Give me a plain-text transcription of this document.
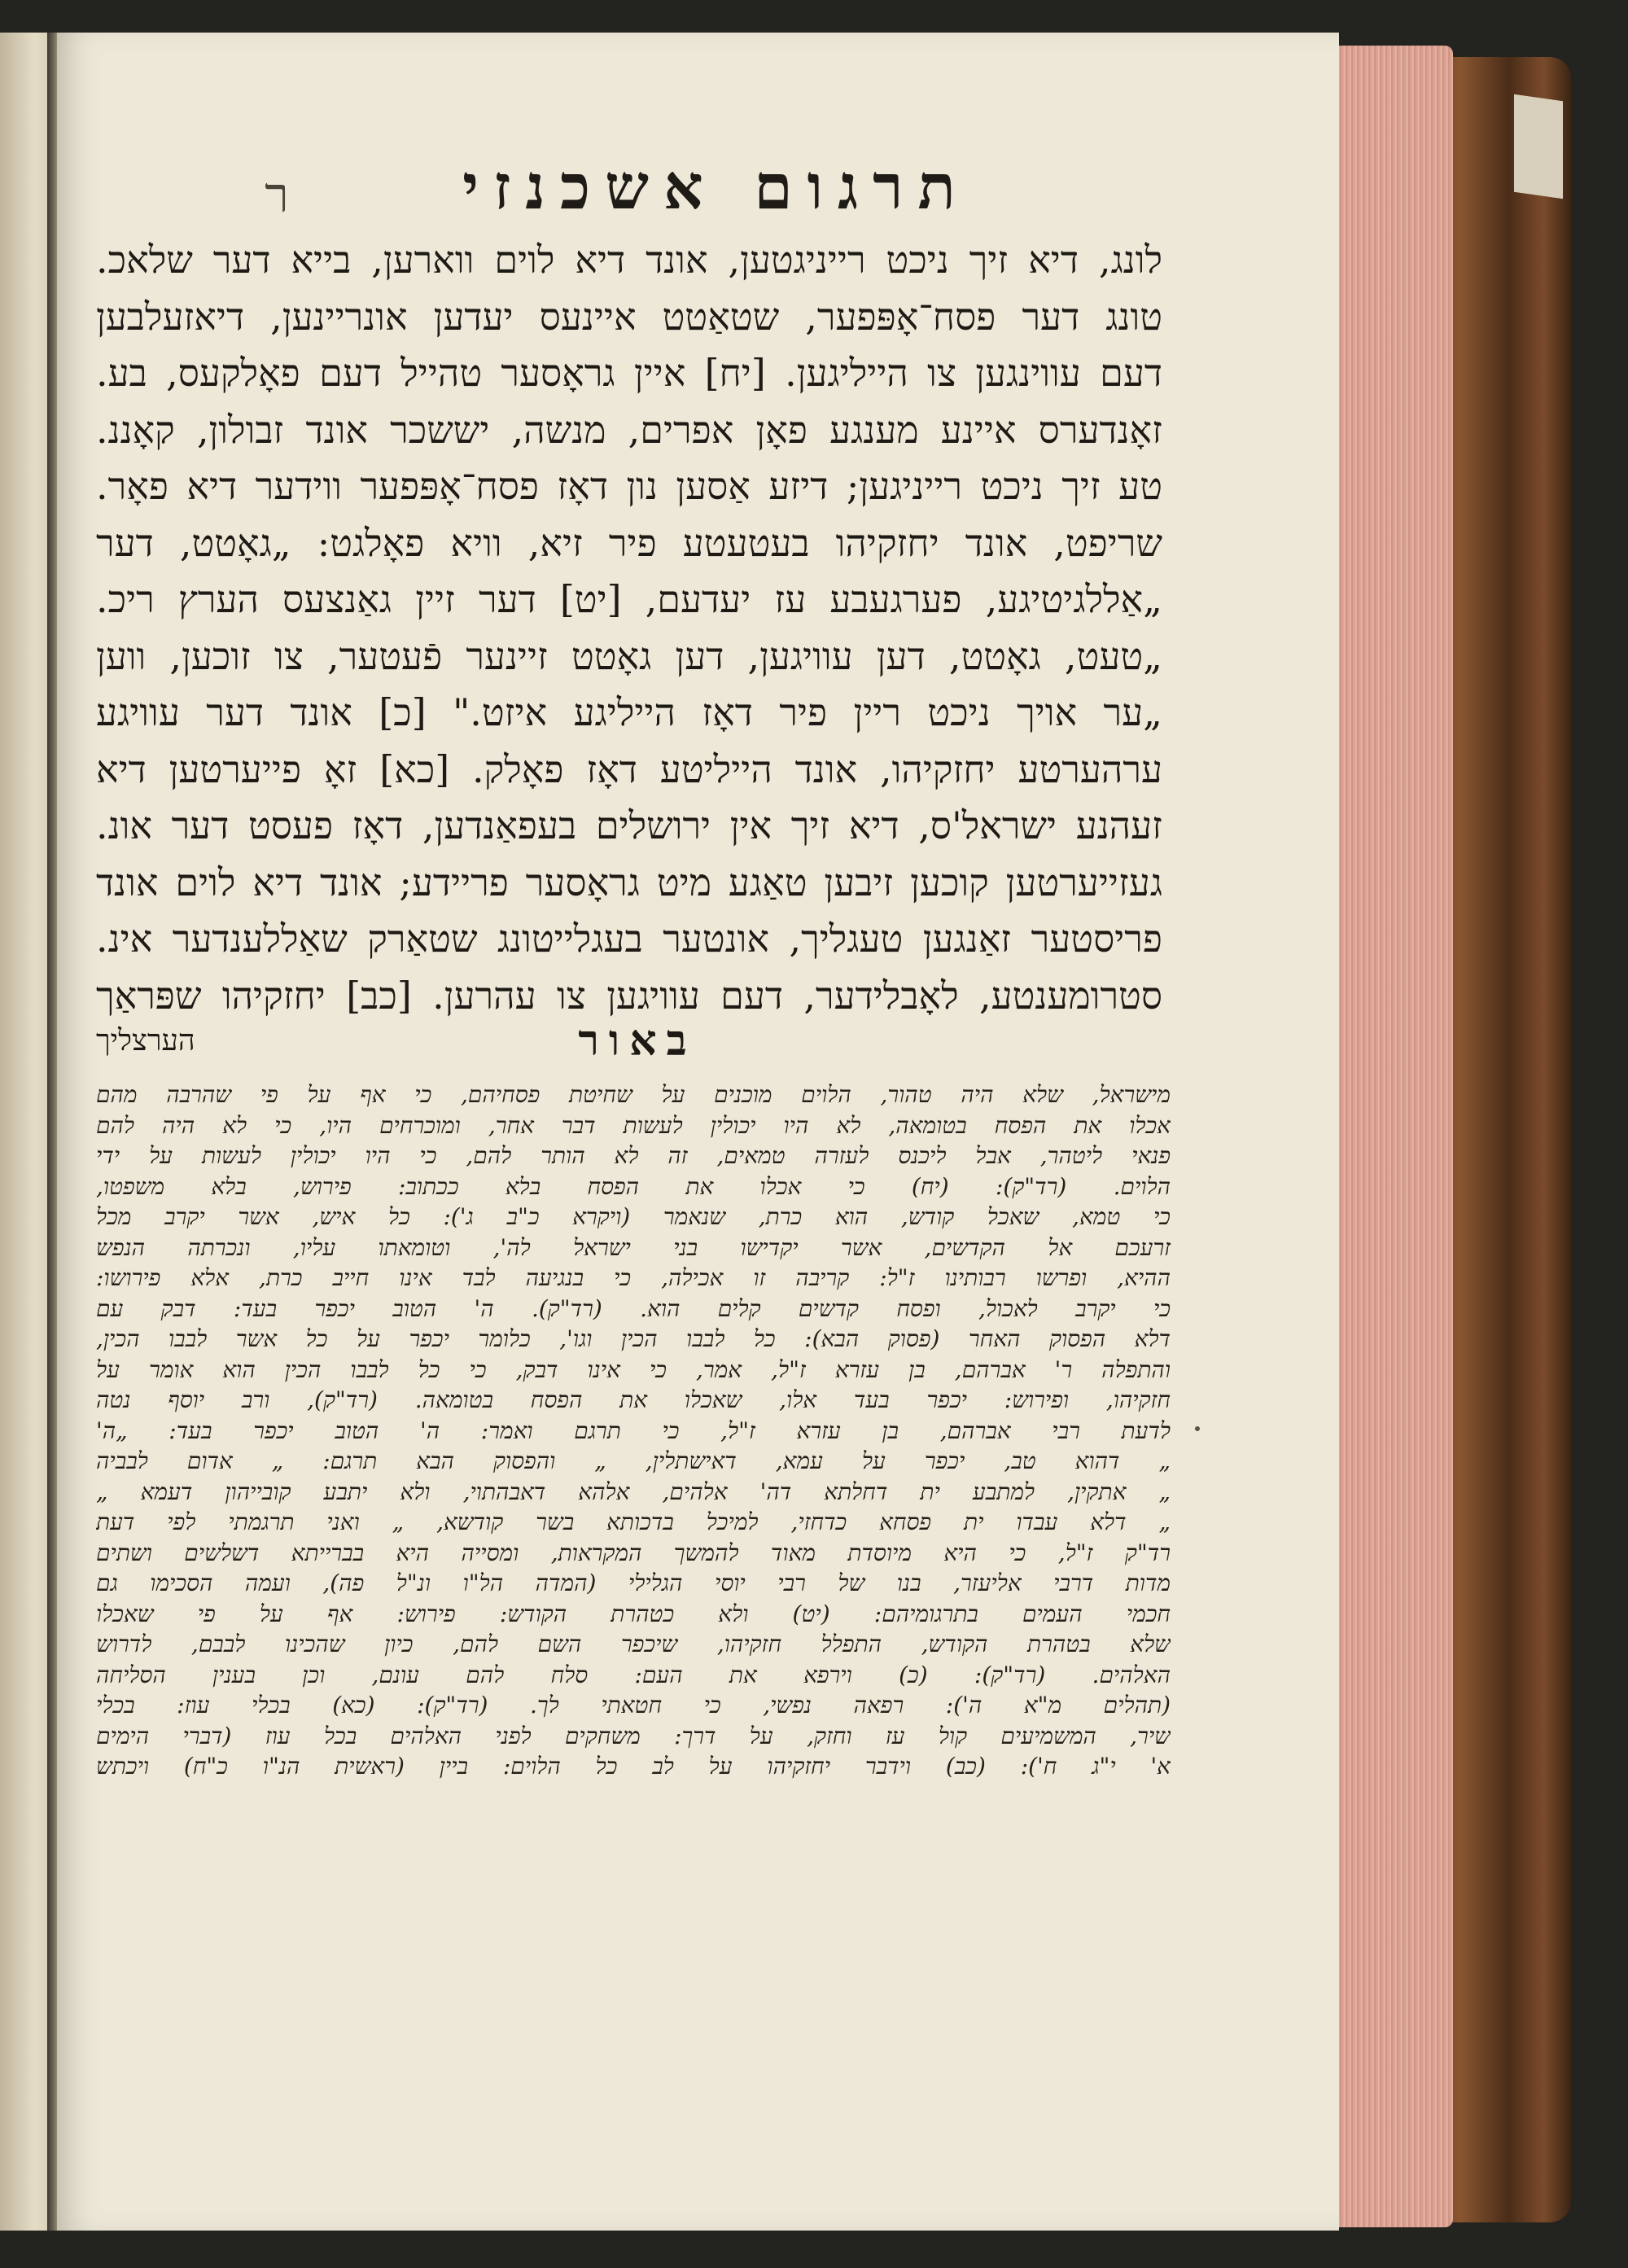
ר	תרגום אשכנזי
לונג, דיא זיך ניכט רייניגטען, אונד דיא לוים ווארען, בייא דער שלאכ.
טונג דער פסח־אָפּפער, שטאַטט איינעס יעדען אונריינען, דיאזעלבען
דעם עווינגען צו הייליגען. [יח] איין גראָסער טהייל דעם פאָלקעס, בע.
זאָנדערס איינע מענגע פאָן אפרים, מנשה, יששכר אונד זבולון, קאָננ.
טע זיך ניכט רייניגען; דיזע אַסען נון דאָז פסח־אָפּפער ווידער דיא פאָר.
שריפט, אונד יחזקיהו בעטעטע פיר זיא, וויא פאָלגט: „גאָטט, דער
„אַללגיטיגע, פערגעבע עז יעדעם, [יט] דער זיין גאַנצעס הערץ ריכ.
„טעט, גאָטט, דען עוויגען, דען גאָטט זיינער פֿעטער, צו זוכען, ווען
„ער אויך ניכט ריין פיר דאָז הייליגע איזט." [כ] אונד דער עוויגע
ערהערטע יחזקיהו, אונד הייליטע דאָז פאָלק. [כא] זאָ פייערטען דיא
זעהנע ישראל'ס, דיא זיך אין ירושלים בעפאַנדען, דאָז פעסט דער אונ.
געזייערטען קוכען זיבען טאַגע מיט גראָסער פריידע; אונד דיא לוים אונד
פריסטער זאַנגען טעגליך, אונטער בעגלייטונג שטאַרק שאַללענדער אינ.
סטרומענטע, לאָבלידער, דעם עוויגען צו עהרען. [כב] יחזקיהו שפּראַך
הערצליך	באור
מישראל, שלא היה טהור, הלוים מוכנים על שחיטת פסחיהם, כי אף על פי שהרבה מהם
אכלו את הפסח בטומאה, לא היו יכולין לעשות דבר אחר, ומוכרחים היו, כי לא היה להם
פנאי ליטהר, אבל ליכנס לעזרה טמאים, זה לא הותר להם, כי היו יכולין לעשות על ידי
הלוים. (רד"ק): (יח) כי אכלו את הפסח בלא ככתוב: פירוש, בלא משפטו,
כי טמא, שאכל קודש, הוא כרת, שנאמר (ויקרא כ"ב ג'): כל איש, אשר יקרב מכל
זרעכם אל הקדשים, אשר יקדישו בני ישראל לה', וטומאתו עליו, ונכרתה הנפש
ההיא, ופרשו רבותינו ז"ל: קריבה זו אכילה, כי בנגיעה לבד אינו חייב כרת, אלא פירושו:
כי יקרב לאכול, ופסח קדשים קלים הוא. (רד"ק). ה' הטוב יכפר בעד: דבק עם
דלא הפסוק האחר (פסוק הבא): כל לבבו הכין וגו', כלומר יכפר על כל אשר לבבו הכין,
והתפלה ר' אברהם, בן עזרא ז"ל, אמר, כי אינו דבק, כי כל לבבו הכין הוא אומר על
חזקיהו, ופירוש: יכפר בעד אלו, שאכלו את הפסח בטומאה. (רד"ק), ורב יוסף נטה
לדעת רבי אברהם, בן עזרא ז"ל, כי תרגם ואמר: ה' הטוב יכפר בעד: „ה'
„ דהוא טב, יכפר על עמא, דאישתלין, „ והפסוק הבא תרגם: „ אדום לבביה
„ אתקין, למתבע ית דחלתא דה' אלהים, אלהא דאבהתוי, ולא יתבע קובייהון דעמא „
„ דלא עבדו ית פסחא כדחזי, למיכל בדכותא בשר קודשא, „ ואני תרגמתי לפי דעת
רד"ק ז"ל, כי היא מיוסדת מאוד להמשך המקראות, ומסייה היא בברייתא דשלשים ושתים
מדות דרבי אליעזר, בנו של רבי יוסי הגלילי (המדה הל"ו ונ"ל פה), ועמה הסכימו גם
חכמי העמים בתרגומיהם: (יט) ולא כטהרת הקודש: פירוש: אף על פי שאכלו
שלא בטהרת הקודש, התפלל חזקיהו, שיכפר השם להם, כיון שהכינו לבבם, לדרוש
האלהים. (רד"ק): (כ) וירפא את העם: סלח להם עונם, וכן בענין הסליחה
(תהלים מ"א ה'): רפאה נפשי, כי חטאתי לך. (רד"ק): (כא) בכלי עוז: בכלי
שיר, המשמיעים קול עז וחזק, על דרך: משחקים לפני האלהים בכל עוז (דברי הימים
א' י"ג ח'): (כב) וידבר יחזקיהו על לב כל הלוים: ביין (ראשית הנ"ו כ"ח) ויכתש
